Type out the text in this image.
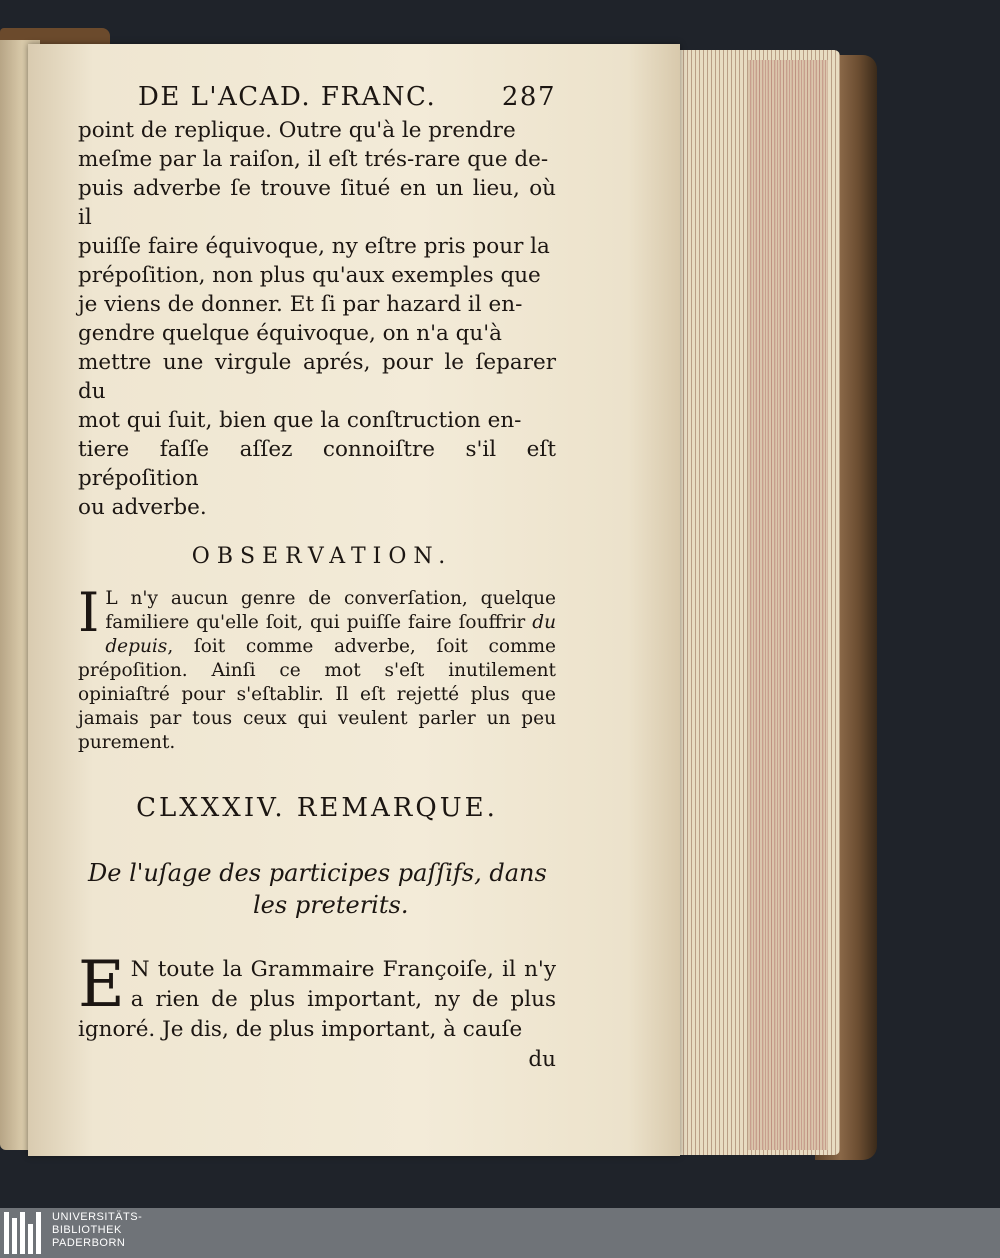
DE L'ACAD. FRANC.	287

point de replique. Outre qu'à le prendre

meſme par la raiſon, il eſt trés-rare que de-

puis adverbe ſe trouve ſitué en un lieu, où il

puiſſe faire équivoque, ny eſtre pris pour la

prépoſition, non plus qu'aux exemples que

je viens de donner. Et ſi par hazard il en-

gendre quelque équivoque, on n'a qu'à

mettre une virgule aprés, pour le ſeparer du

mot qui ſuit, bien que la conſtruction en-

tiere faſſe aſſez connoiſtre s'il eſt prépoſition

ou adverbe.

OBSERVATION.
I L n'y aucun genre de converſation, quelque familiere qu'elle ſoit, qui puiſſe faire ſouffrir du depuis, ſoit comme adverbe, ſoit comme prépoſition. Ainſi ce mot s'eſt inutilement opiniaſtré pour s'eſtablir. Il eſt rejetté plus que jamais par tous ceux qui veulent parler un peu purement.
CLXXXIV. REMARQUE.
De l'uſage des participes paſſifs, dans
les preterits.
E N toute la Grammaire Françoiſe, il n'y a rien de plus important, ny de plus ignoré. Je dis, de plus important, à cauſe
du
UNIVERSITÄTS-
BIBLIOTHEK
PADERBORN
